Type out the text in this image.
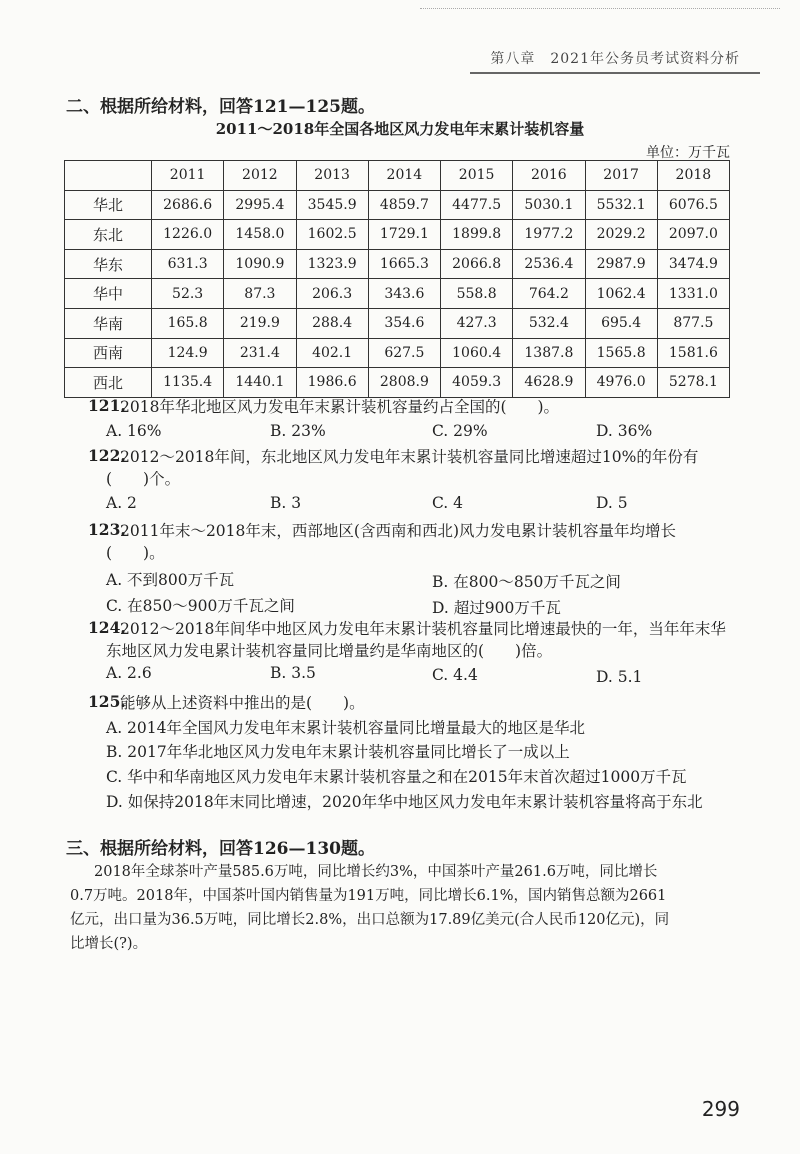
第八章　2021年公务员考试资料分析
二、根据所给材料，回答121—125题。
2011～2018年全国各地区风力发电年末累计装机容量
单位：万千瓦
	2011	2012	2013	2014	2015	2016	2017	2018
华北	2686.6	2995.4	3545.9	4859.7	4477.5	5030.1	5532.1	6076.5
东北	1226.0	1458.0	1602.5	1729.1	1899.8	1977.2	2029.2	2097.0
华东	631.3	1090.9	1323.9	1665.3	2066.8	2536.4	2987.9	3474.9
华中	52.3	87.3	206.3	343.6	558.8	764.2	1062.4	1331.0
华南	165.8	219.9	288.4	354.6	427.3	532.4	695.4	877.5
西南	124.9	231.4	402.1	627.5	1060.4	1387.8	1565.8	1581.6
西北	1135.4	1440.1	1986.6	2808.9	4059.3	4628.9	4976.0	5278.1
121.
2018年华北地区风力发电年末累计装机容量约占全国的(　　)。
A. 16%	B. 23%	C. 29%	D. 36%
122.
2012～2018年间，东北地区风力发电年末累计装机容量同比增速超过10%的年份有
(　　)个。
A. 2	B. 3	C. 4	D. 5
123.
2011年末～2018年末，西部地区(含西南和西北)风力发电累计装机容量年均增长
(　　)。
A. 不到800万千瓦	B. 在800～850万千瓦之间
C. 在850～900万千瓦之间	D. 超过900万千瓦
124.
2012～2018年间华中地区风力发电年末累计装机容量同比增速最快的一年，当年年末华
东地区风力发电累计装机容量同比增量约是华南地区的(　　)倍。
A. 2.6	B. 3.5	C. 4.4	D. 5.1
125.
能够从上述资料中推出的是(　　)。
A. 2014年全国风力发电年末累计装机容量同比增量最大的地区是华北
B. 2017年华北地区风力发电年末累计装机容量同比增长了一成以上
C. 华中和华南地区风力发电年末累计装机容量之和在2015年末首次超过1000万千瓦
D. 如保持2018年末同比增速，2020年华中地区风力发电年末累计装机容量将高于东北
三、根据所给材料，回答126—130题。
2018年全球茶叶产量585.6万吨，同比增长约3%，中国茶叶产量261.6万吨，同比增长
0.7万吨。2018年，中国茶叶国内销售量为191万吨，同比增长6.1%，国内销售总额为2661
亿元，出口量为36.5万吨，同比增长2.8%，出口总额为17.89亿美元(合人民币120亿元)，同
比增长(?)。
299
